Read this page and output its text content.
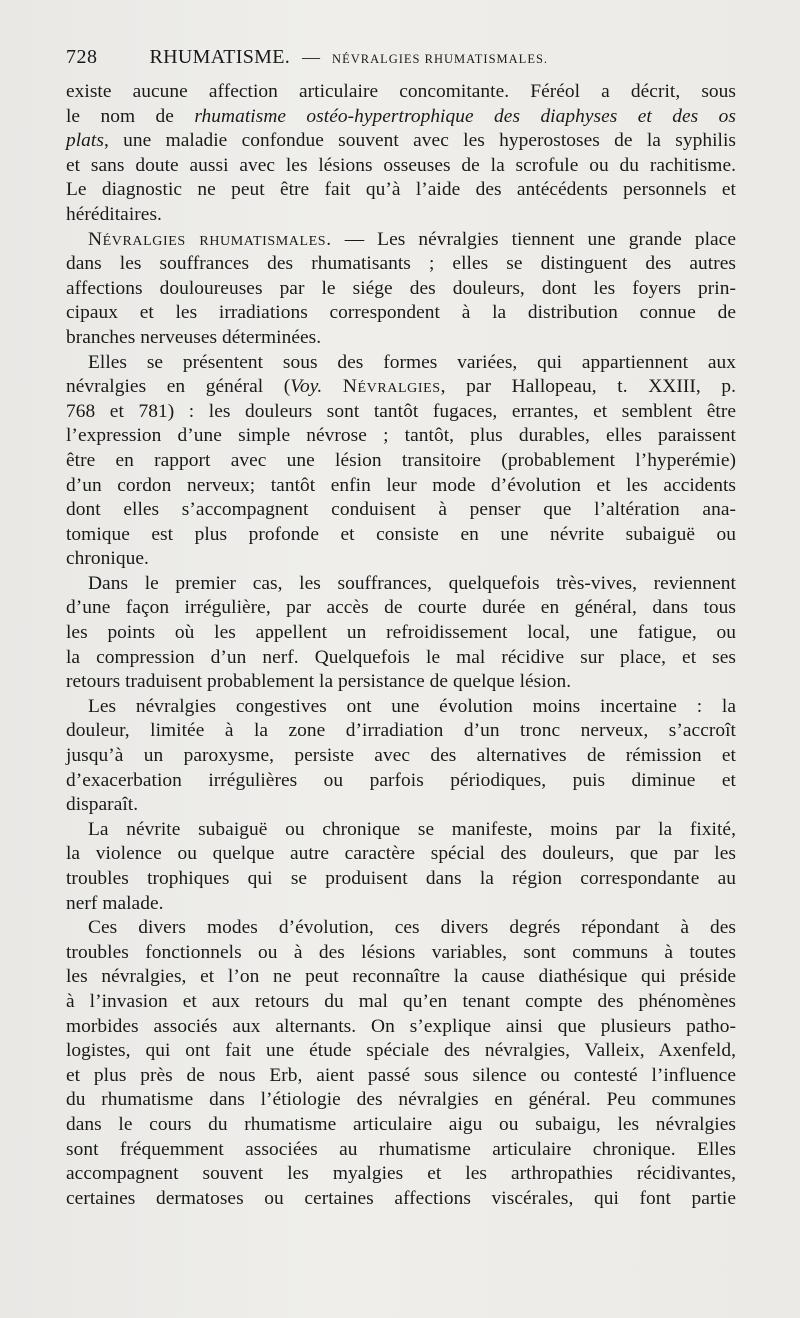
728	RHUMATISME. — NÉVRALGIES RHUMATISMALES.
existe aucune affection articulaire concomitante. Féréol a décrit, sous
le nom de rhumatisme ostéo-hypertrophique des diaphyses et des os
plats, une maladie confondue souvent avec les hyperostoses de la syphilis
et sans doute aussi avec les lésions osseuses de la scrofule ou du rachitisme.
Le diagnostic ne peut être fait qu’à l’aide des antécédents personnels et
héréditaires.
Névralgies rhumatismales. — Les névralgies tiennent une grande place
dans les souffrances des rhumatisants ; elles se distinguent des autres
affections douloureuses par le siége des douleurs, dont les foyers prin-
cipaux et les irradiations correspondent à la distribution connue de
branches nerveuses déterminées.
Elles se présentent sous des formes variées, qui appartiennent aux
névralgies en général (Voy. Névralgies, par Hallopeau, t. XXIII, p.
768 et 781) : les douleurs sont tantôt fugaces, errantes, et semblent être
l’expression d’une simple névrose ; tantôt, plus durables, elles paraissent
être en rapport avec une lésion transitoire (probablement l’hyperémie)
d’un cordon nerveux; tantôt enfin leur mode d’évolution et les accidents
dont elles s’accompagnent conduisent à penser que l’altération ana-
tomique est plus profonde et consiste en une névrite subaiguë ou
chronique.
Dans le premier cas, les souffrances, quelquefois très-vives, reviennent
d’une façon irrégulière, par accès de courte durée en général, dans tous
les points où les appellent un refroidissement local, une fatigue, ou
la compression d’un nerf. Quelquefois le mal récidive sur place, et ses
retours traduisent probablement la persistance de quelque lésion.
Les névralgies congestives ont une évolution moins incertaine : la
douleur, limitée à la zone d’irradiation d’un tronc nerveux, s’accroît
jusqu’à un paroxysme, persiste avec des alternatives de rémission et
d’exacerbation irrégulières ou parfois périodiques, puis diminue et
disparaît.
La névrite subaiguë ou chronique se manifeste, moins par la fixité,
la violence ou quelque autre caractère spécial des douleurs, que par les
troubles trophiques qui se produisent dans la région correspondante au
nerf malade.
Ces divers modes d’évolution, ces divers degrés répondant à des
troubles fonctionnels ou à des lésions variables, sont communs à toutes
les névralgies, et l’on ne peut reconnaître la cause diathésique qui préside
à l’invasion et aux retours du mal qu’en tenant compte des phénomènes
morbides associés aux alternants. On s’explique ainsi que plusieurs patho-
logistes, qui ont fait une étude spéciale des névralgies, Valleix, Axenfeld,
et plus près de nous Erb, aient passé sous silence ou contesté l’influence
du rhumatisme dans l’étiologie des névralgies en général. Peu communes
dans le cours du rhumatisme articulaire aigu ou subaigu, les névralgies
sont fréquemment associées au rhumatisme articulaire chronique. Elles
accompagnent souvent les myalgies et les arthropathies récidivantes,
certaines dermatoses ou certaines affections viscérales, qui font partie
